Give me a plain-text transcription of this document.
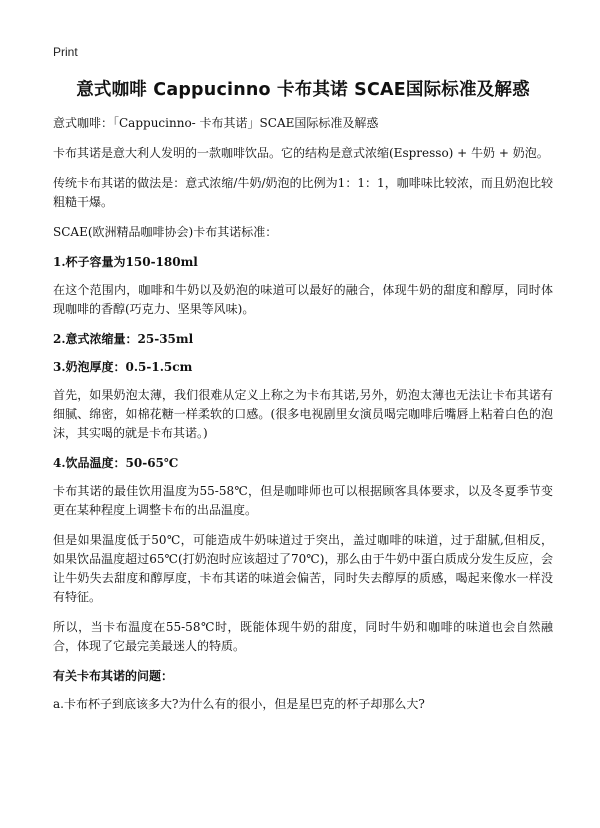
Print
意式咖啡 Cappucinno 卡布其诺 SCAE国际标准及解惑

意式咖啡：「Cappucinno- 卡布其诺」SCAE国际标准及解惑

卡布其诺是意大利人发明的一款咖啡饮品。它的结构是意式浓缩(Espresso) + 牛奶 + 奶泡。

传统卡布其诺的做法是：意式浓缩/牛奶/奶泡的比例为1：1：1，咖啡味比较浓，而且奶泡比较粗糙干爆。

SCAE(欧洲精品咖啡协会)卡布其诺标准：

1.杯子容量为150-180ml

在这个范围内，咖啡和牛奶以及奶泡的味道可以最好的融合，体现牛奶的甜度和醇厚，同时体现咖啡的香醇(巧克力、坚果等风味)。

2.意式浓缩量：25-35ml
3.奶泡厚度：0.5-1.5cm

首先，如果奶泡太薄，我们很难从定义上称之为卡布其诺,另外，奶泡太薄也无法让卡布其诺有细腻、绵密，如棉花糖一样柔软的口感。(很多电视剧里女演员喝完咖啡后嘴唇上粘着白色的泡沫，其实喝的就是卡布其诺。)

4.饮品温度：50-65℃

卡布其诺的最佳饮用温度为55-58℃，但是咖啡师也可以根据顾客具体要求，以及冬夏季节变更在某种程度上调整卡布的出品温度。

但是如果温度低于50℃，可能造成牛奶味道过于突出，盖过咖啡的味道，过于甜腻,但相反，如果饮品温度超过65℃(打奶泡时应该超过了70℃)，那么由于牛奶中蛋白质成分发生反应，会让牛奶失去甜度和醇厚度，卡布其诺的味道会偏苦，同时失去醇厚的质感，喝起来像水一样没有特征。

所以，当卡布温度在55-58℃时，既能体现牛奶的甜度，同时牛奶和咖啡的味道也会自然融合，体现了它最完美最迷人的特质。

有关卡布其诺的问题：

a.卡布杯子到底该多大?为什么有的很小，但是星巴克的杯子却那么大?
